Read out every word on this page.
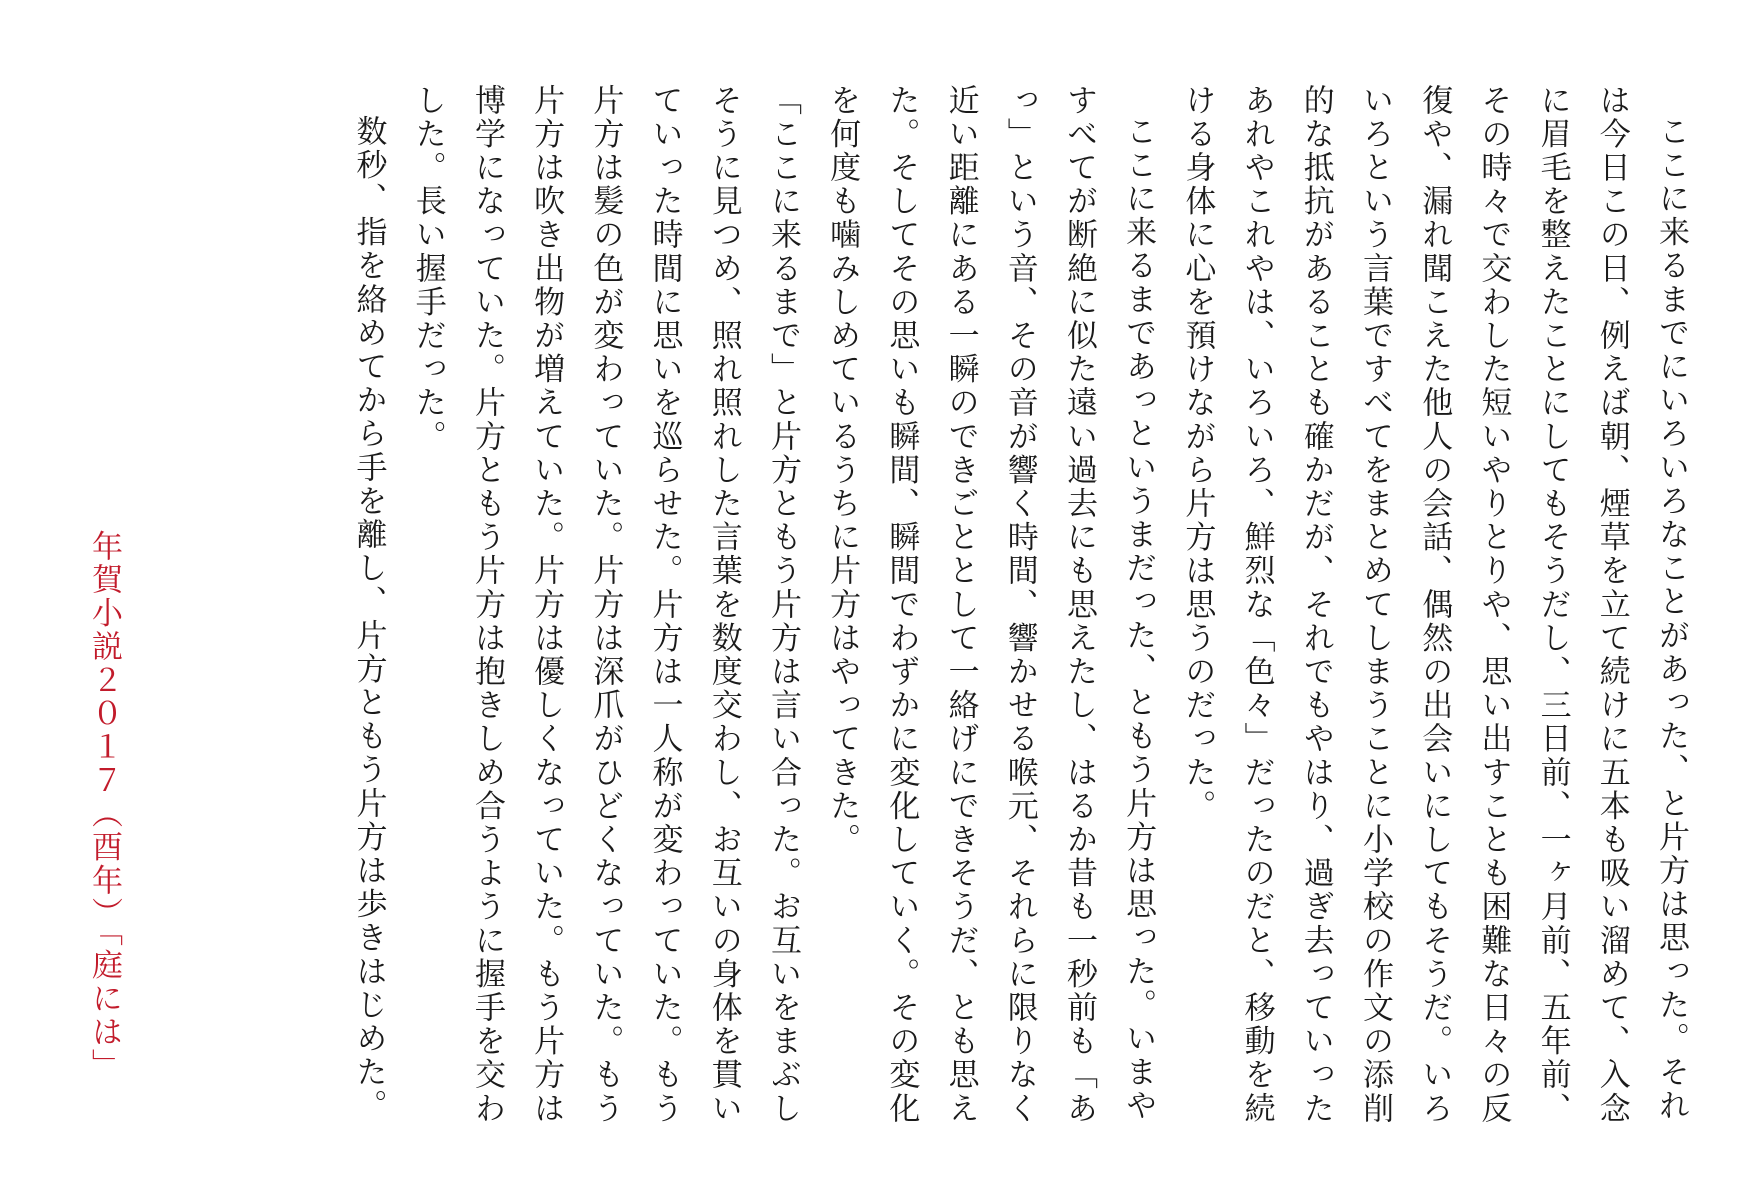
ここに来るまでにいろいろなことがあった、と片方は思った。それは今日この日、例えば朝、煙草を立て続けに五本も吸い溜めて、入念に眉毛を整えたことにしてもそうだし、三日前、一ヶ月前、五年前、その時々で交わした短いやりとりや、思い出すことも困難な日々の反復や、漏れ聞こえた他人の会話、偶然の出会いにしてもそうだ。いろいろという言葉ですべてをまとめてしまうことに小学校の作文の添削的な抵抗があることも確かだが、それでもやはり、過ぎ去っていったあれやこれやは、いろいろ、鮮烈な「色々」だったのだと、移動を続ける身体に心を預けながら片方は思うのだった。

ここに来るまであっというまだった、ともう片方は思った。いまやすべてが断絶に似た遠い過去にも思えたし、はるか昔も一秒前も「あっ」という音、その音が響く時間、響かせる喉元、それらに限りなく近い距離にある一瞬のできごととして一絡げにできそうだ、とも思えた。そしてその思いも瞬間、瞬間でわずかに変化していく。その変化を何度も噛みしめているうちに片方はやってきた。

「ここに来るまで」と片方ともう片方は言い合った。お互いをまぶしそうに見つめ、照れ照れした言葉を数度交わし、お互いの身体を貫いていった時間に思いを巡らせた。片方は一人称が変わっていた。もう片方は髪の色が変わっていた。片方は深爪がひどくなっていた。もう片方は吹き出物が増えていた。片方は優しくなっていた。もう片方は博学になっていた。片方ともう片方は抱きしめ合うように握手を交わした。長い握手だった。

数秒、指を絡めてから手を離し、片方ともう片方は歩きはじめた。

年賀小説２０１７（酉年）「庭には」
